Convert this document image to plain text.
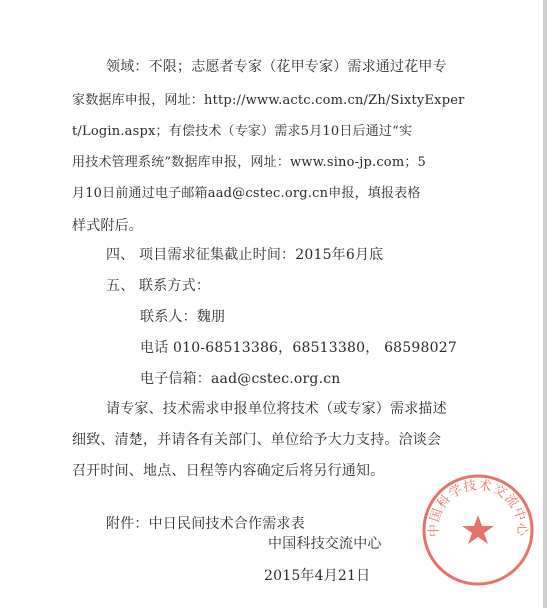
领域：不限；志愿者专家（花甲专家）需求通过花甲专
家数据库申报，网址：http://www.actc.com.cn/Zh/SixtyExper
t/Login.aspx；有偿技术（专家）需求5月10日后通过“实
用技术管理系统”数据库申报，网址：www.sino-jp.com；5
月10日前通过电子邮箱aad@cstec.org.cn申报，填报表格
样式附后。
四、 项目需求征集截止时间：2015年6月底
五、 联系方式：
联系人：魏朋
电话 010-68513386，68513380， 68598027
电子信箱：aad@cstec.org.cn
请专家、技术需求申报单位将技术（或专家）需求描述
细致、清楚，并请各有关部门、单位给予大力支持。洽谈会
召开时间、地点、日程等内容确定后将另行通知。
附件：中日民间技术合作需求表
中国科技交流中心
2015年4月21日
中国科学技术交流中心
